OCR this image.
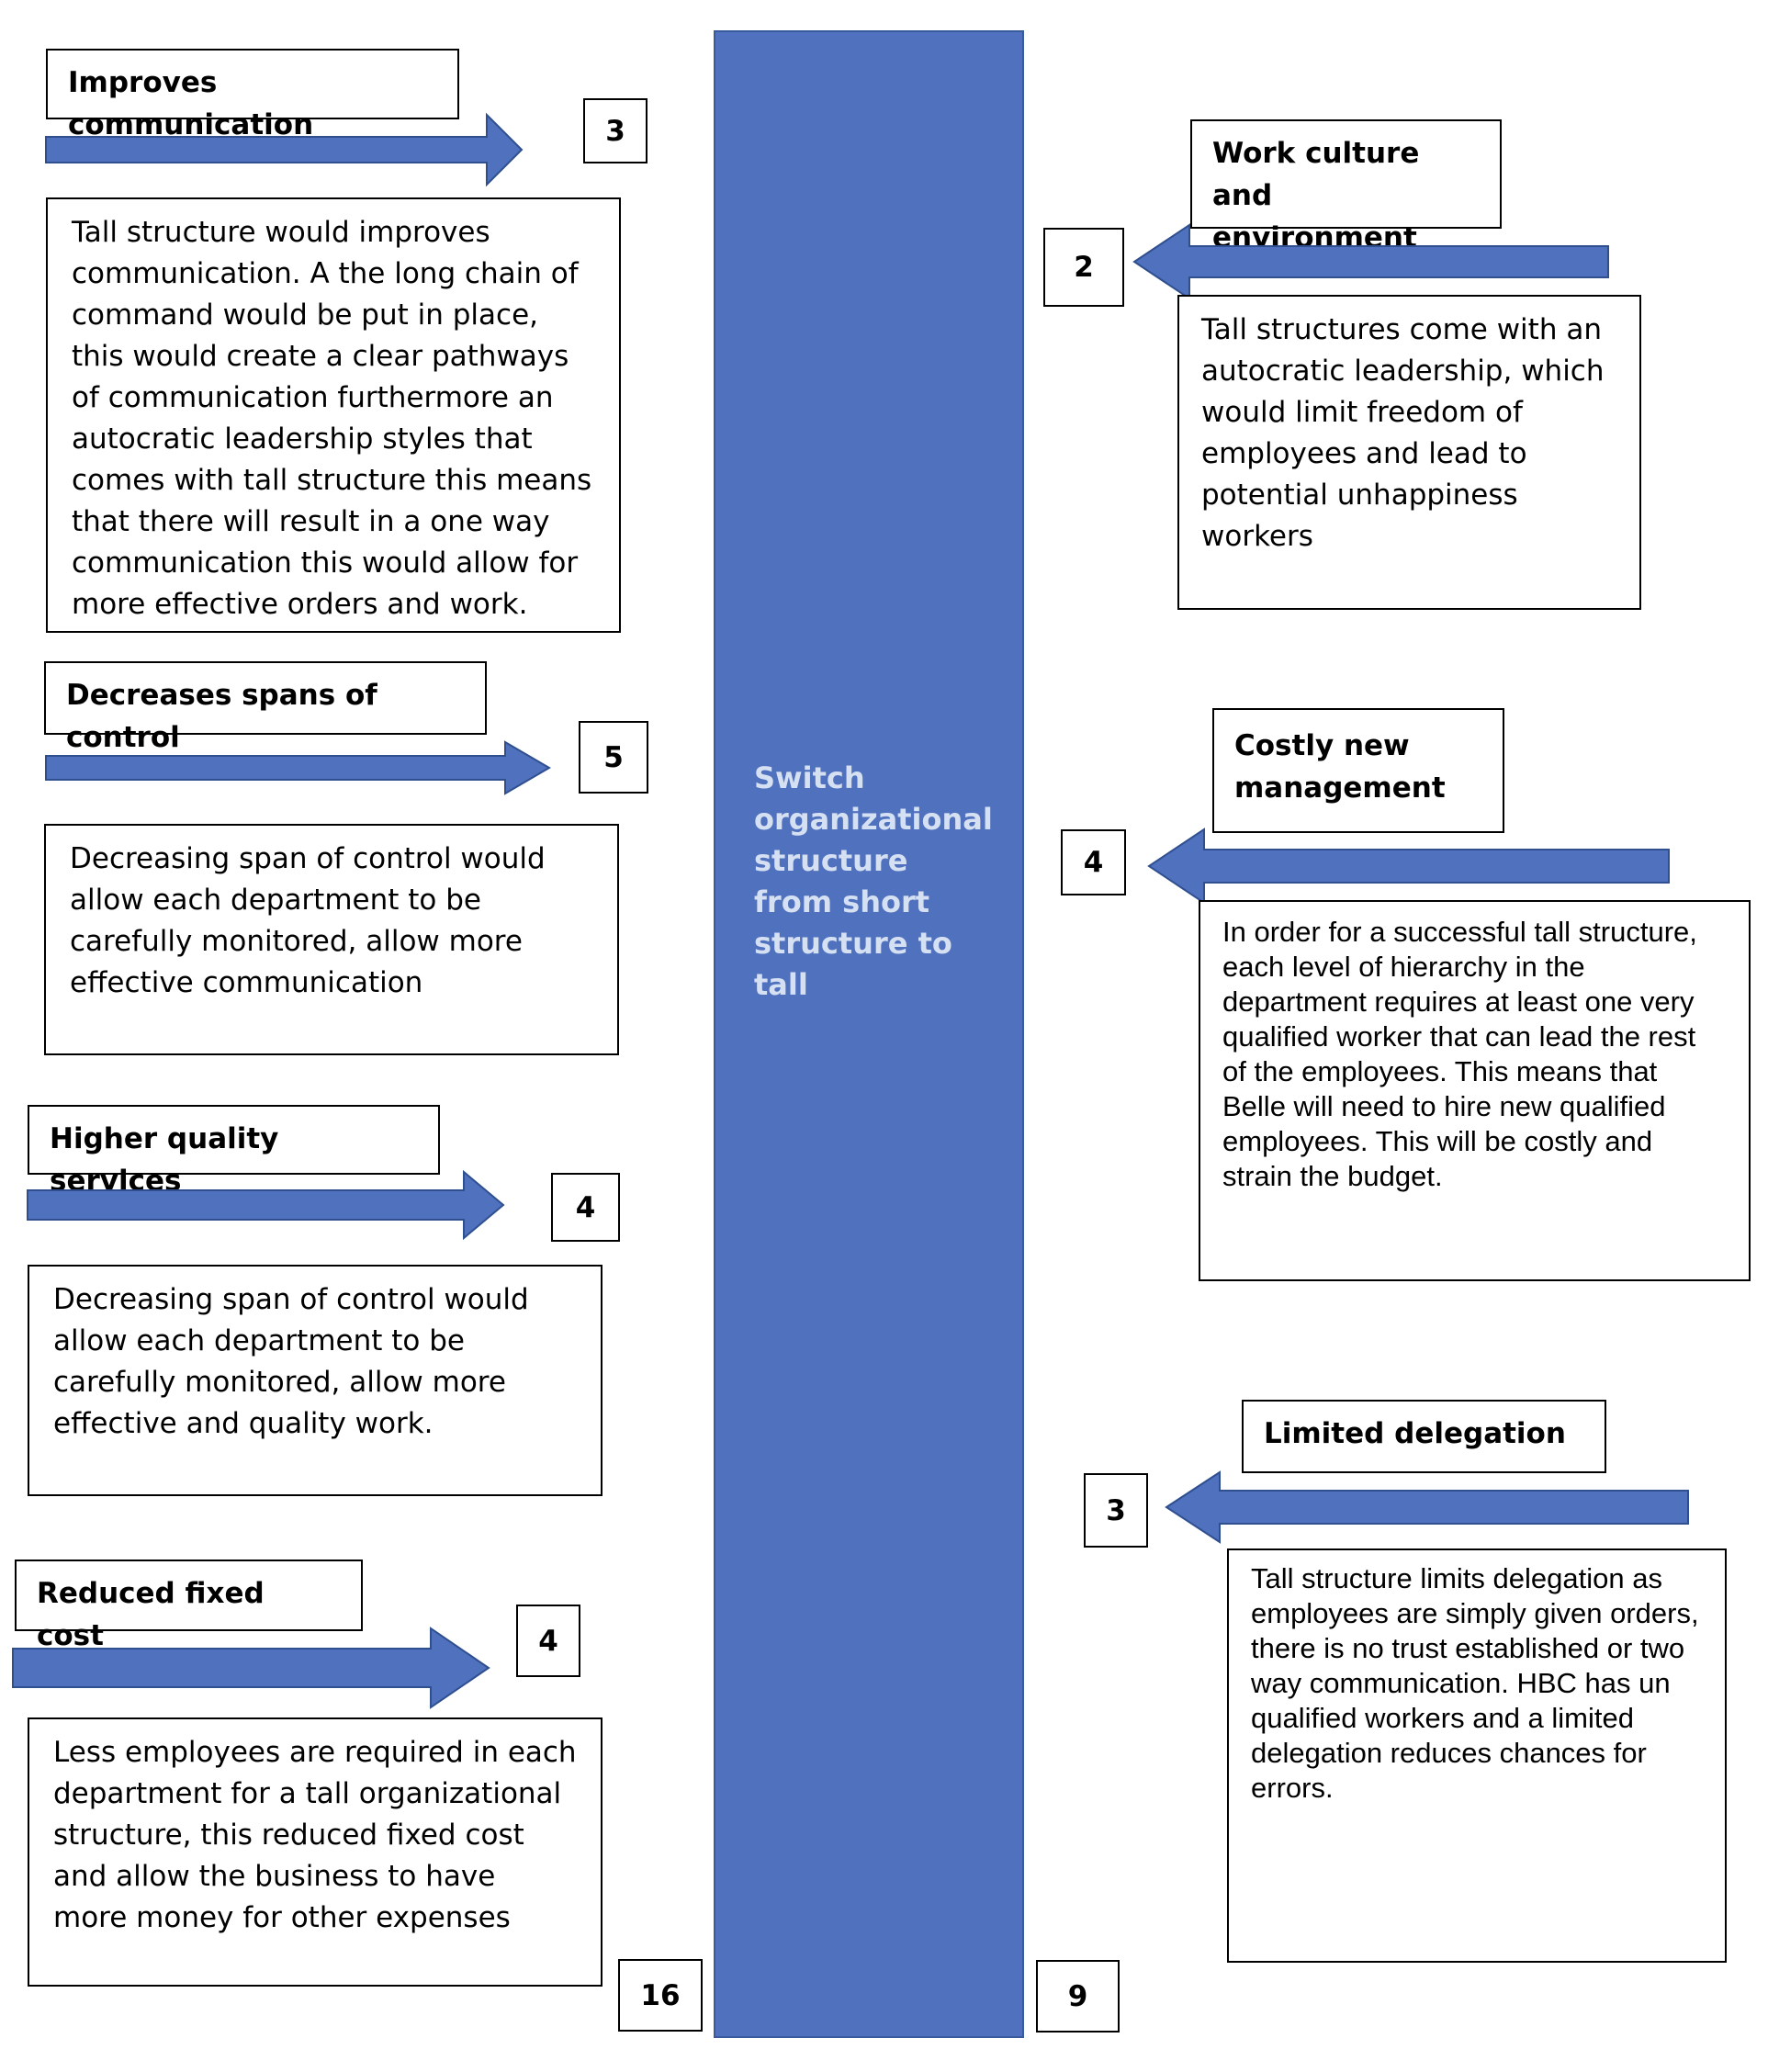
Switch organizational structure from short structure to tall
Improves communication	3
Tall structure would improves communication. A the long chain of command would be put in place, this would create a clear pathways of communication furthermore an autocratic leadership styles that comes with tall structure this means that there will result in a one way communication this would allow for more effective orders and work.
Decreases spans of control
5
Decreasing span of control would allow each department to be carefully monitored, allow more effective communication
Higher quality services
4
Decreasing span of control would allow each department to be carefully monitored, allow more effective and quality work.
Reduced fixed cost	4
Less employees are required in each department for a tall organizational structure, this reduced fixed cost and allow the business to have more money for other expenses
16
Work culture and environment
2
Tall structures come with an autocratic leadership, which would limit freedom of employees and lead to potential unhappiness workers
Costly new management
4
In order for a successful tall structure, each level of hierarchy in the department requires at least one very qualified worker that can lead the rest of the employees. This means that Belle will need to hire new qualified employees. This will be costly and strain the budget.
Limited delegation
3
Tall structure limits delegation as employees are simply given orders, there is no trust established or two way communication. HBC has un qualified workers and a limited delegation reduces chances for errors.
9
